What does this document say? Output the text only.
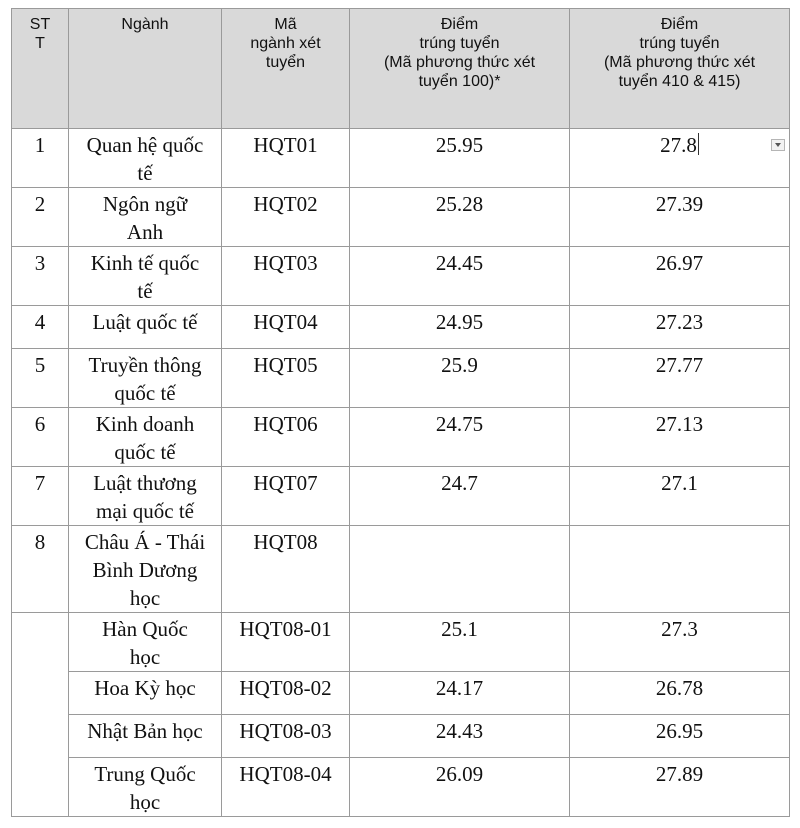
ST
T	Ngành	Mã
ngành xét
tuyển	Điểm
trúng tuyển
(Mã phương thức xét
tuyển 100)*	Điểm
trúng tuyển
(Mã phương thức xét
tuyển 410 & 415)

1	Quan hệ quốc
tế	HQT01	25.95	27.8

2	Ngôn ngữ
Anh	HQT02	25.28	27.39
3	Kinh tế quốc
tế	HQT03	24.45	26.97
4	Luật quốc tế	HQT04	24.95	27.23
5	Truyền thông
quốc tế	HQT05	25.9	27.77
6	Kinh doanh
quốc tế	HQT06	24.75	27.13
7	Luật thương
mại quốc tế	HQT07	24.7	27.1
8	Châu Á - Thái
Bình Dương
học	HQT08		

	Hàn Quốc
học	HQT08-01	25.1	27.3

	Hoa Kỳ học	HQT08-02	24.17	26.78

	Nhật Bản học	HQT08-03	24.43	26.95

	Trung Quốc
học	HQT08-04	26.09	27.89
